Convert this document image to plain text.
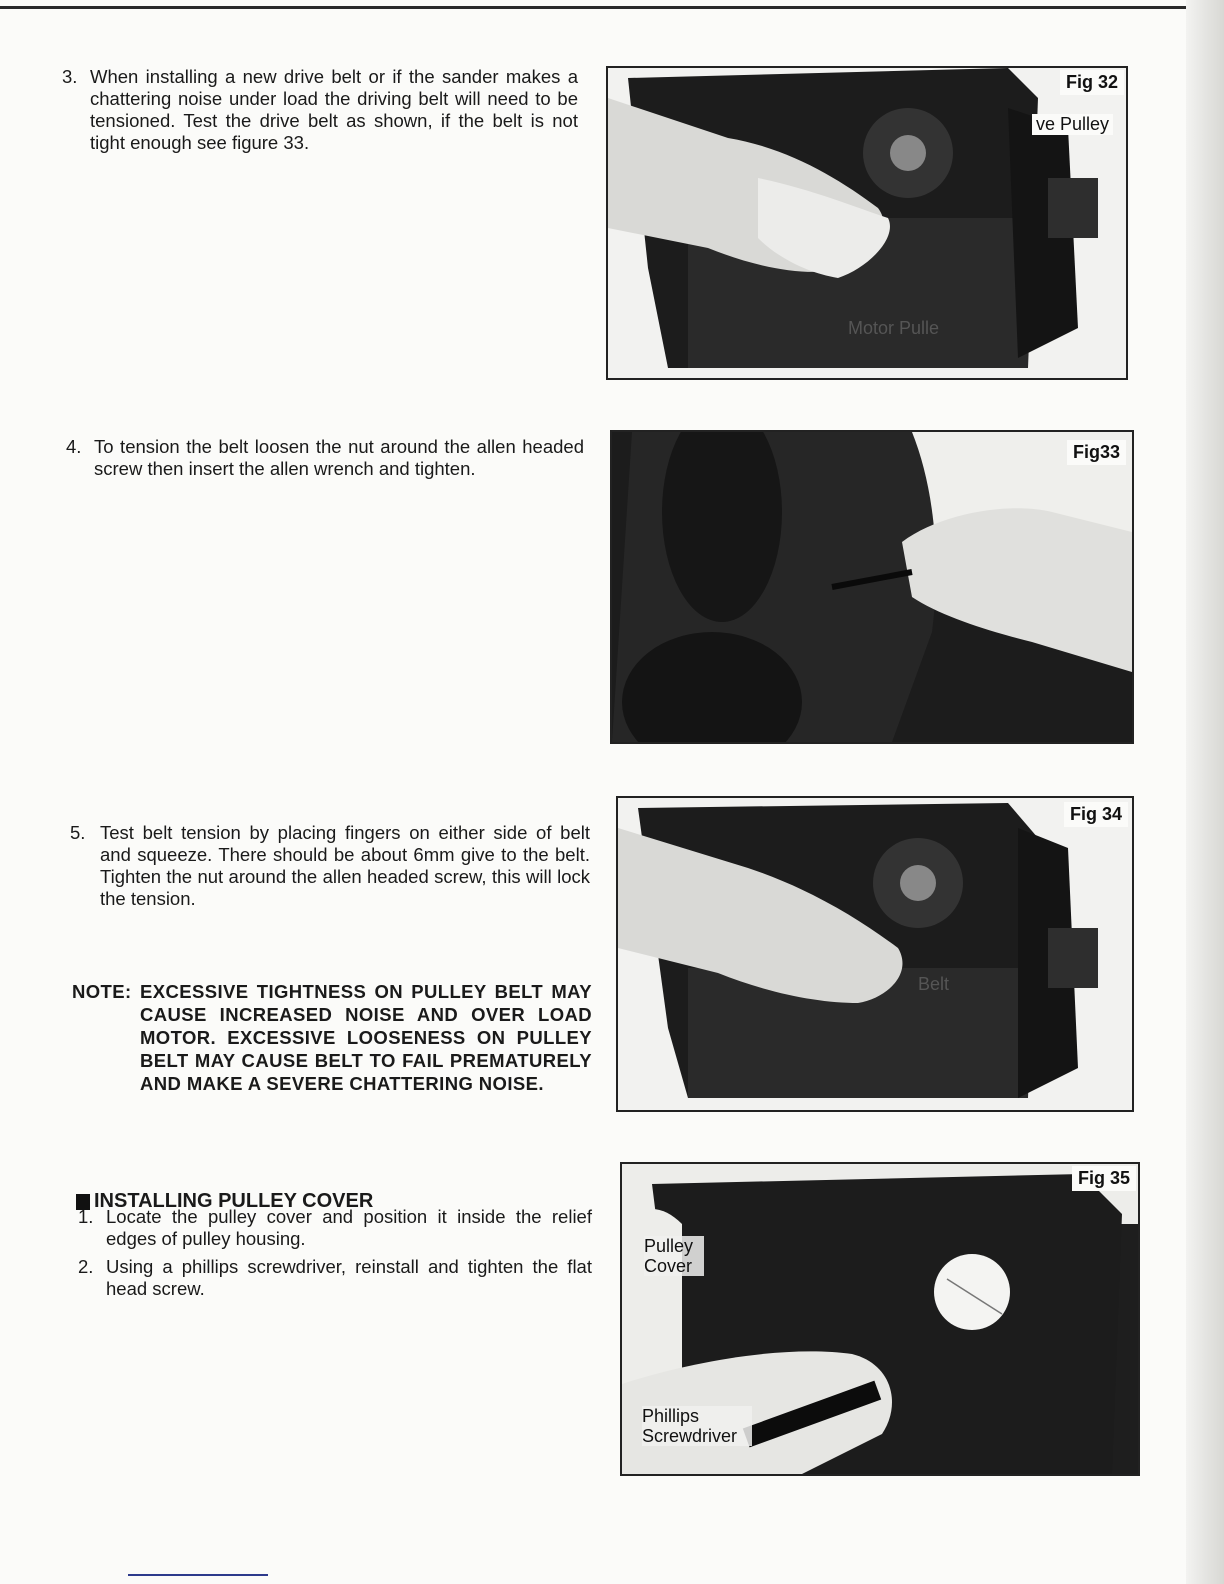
3. When installing a new drive belt or if the sander makes a chattering noise under load the driving belt will need to be tensioned. Test the drive belt as shown, if the belt is not tight enough see figure 33.
4. To tension the belt loosen the nut around the allen headed screw then insert the allen wrench and tighten.
5. Test belt tension by placing fingers on either side of belt and squeeze. There should be about 6mm give to the belt. Tighten the nut around the allen headed screw, this will lock the tension.
NOTE: EXCESSIVE TIGHTNESS ON PULLEY BELT MAY CAUSE INCREASED NOISE AND OVER LOAD MOTOR. EXCESSIVE LOOSENESS ON PULLEY BELT MAY CAUSE BELT TO FAIL PREMATURELY AND MAKE A SEVERE CHATTERING NOISE.
INSTALLING PULLEY COVER
1. Locate the pulley cover and position it inside the relief edges of pulley housing.
2. Using a phillips screwdriver, reinstall and tighten the flat head screw.
Fig 32
ve Pulley
Motor Pulle
Fig33
Fig 34
Belt
Fig 35
Pulley Cover
Phillips Screwdriver
